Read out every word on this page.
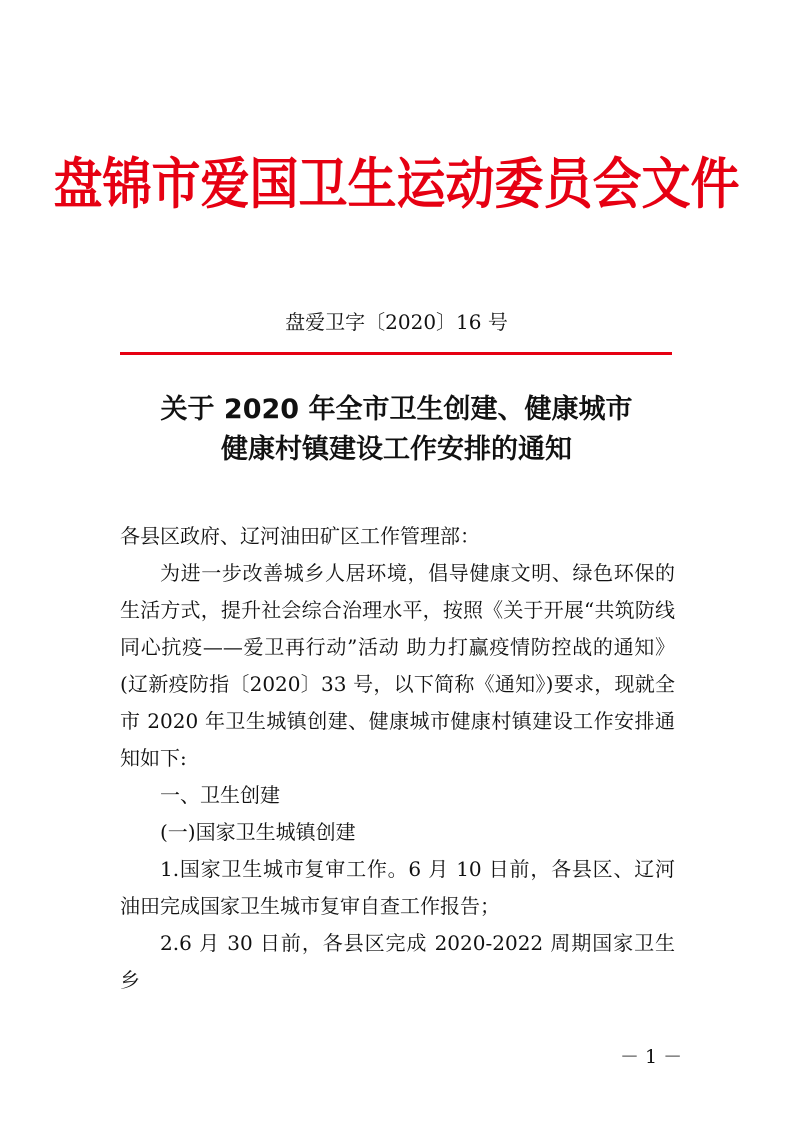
盘锦市爱国卫生运动委员会文件
盘爱卫字〔2020〕16 号
关于 2020 年全市卫生创建、健康城市
健康村镇建设工作安排的通知

各县区政府、辽河油田矿区工作管理部：

为进一步改善城乡人居环境，倡导健康文明、绿色环保的生活方式，提升社会综合治理水平，按照《关于开展“共筑防线　同心抗疫——爱卫再行动”活动 助力打赢疫情防控战的通知》(辽新疫防指〔2020〕33 号，以下简称《通知》)要求，现就全市 2020 年卫生城镇创建、健康城市健康村镇建设工作安排通知如下:

一、卫生创建

(一)国家卫生城镇创建

1.国家卫生城市复审工作。6 月 10 日前，各县区、辽河油田完成国家卫生城市复审自查工作报告；

2.6 月 30 日前，各县区完成 2020-2022 周期国家卫生乡

－ 1 －
